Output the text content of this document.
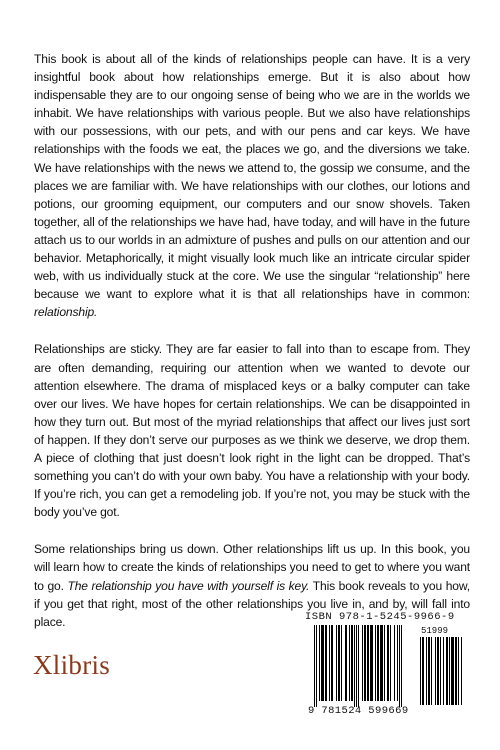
This book is about all of the kinds of relationships people can have. It is a very insightful book about how relationships emerge. But it is also about how indispensable they are to our ongoing sense of being who we are in the worlds we inhabit. We have relationships with various people. But we also have relationships with our possessions, with our pets, and with our pens and car keys. We have relationships with the foods we eat, the places we go, and the diversions we take. We have relationships with the news we attend to, the gossip we consume, and the places we are familiar with. We have relationships with our clothes, our lotions and potions, our grooming equipment, our computers and our snow shovels. Taken together, all of the relationships we have had, have today, and will have in the future attach us to our worlds in an admixture of pushes and pulls on our attention and our behavior. Metaphorically, it might visually look much like an intricate circular spider web, with us individually stuck at the core. We use the singular “relationship” here because we want to explore what it is that all relationships have in common: relationship.

Relationships are sticky. They are far easier to fall into than to escape from. They are often demanding, requiring our attention when we wanted to devote our attention elsewhere. The drama of misplaced keys or a balky computer can take over our lives. We have hopes for certain relationships. We can be disappointed in how they turn out. But most of the myriad relationships that affect our lives just sort of happen. If they don’t serve our purposes as we think we deserve, we drop them. A piece of clothing that just doesn’t look right in the light can be dropped. That’s something you can’t do with your own baby. You have a relationship with your body. If you’re rich, you can get a remodeling job. If you’re not, you may be stuck with the body you’ve got.

Some relationships bring us down. Other relationships lift us up. In this book, you will learn how to create the kinds of relationships you need to get to where you want to go. The relationship you have with yourself is key. This book reveals to you how, if you get that right, most of the other relationships you live in, and by, will fall into place.

Xlibris
ISBN 978-1-5245-9966-9
51999
9 781524 599669
